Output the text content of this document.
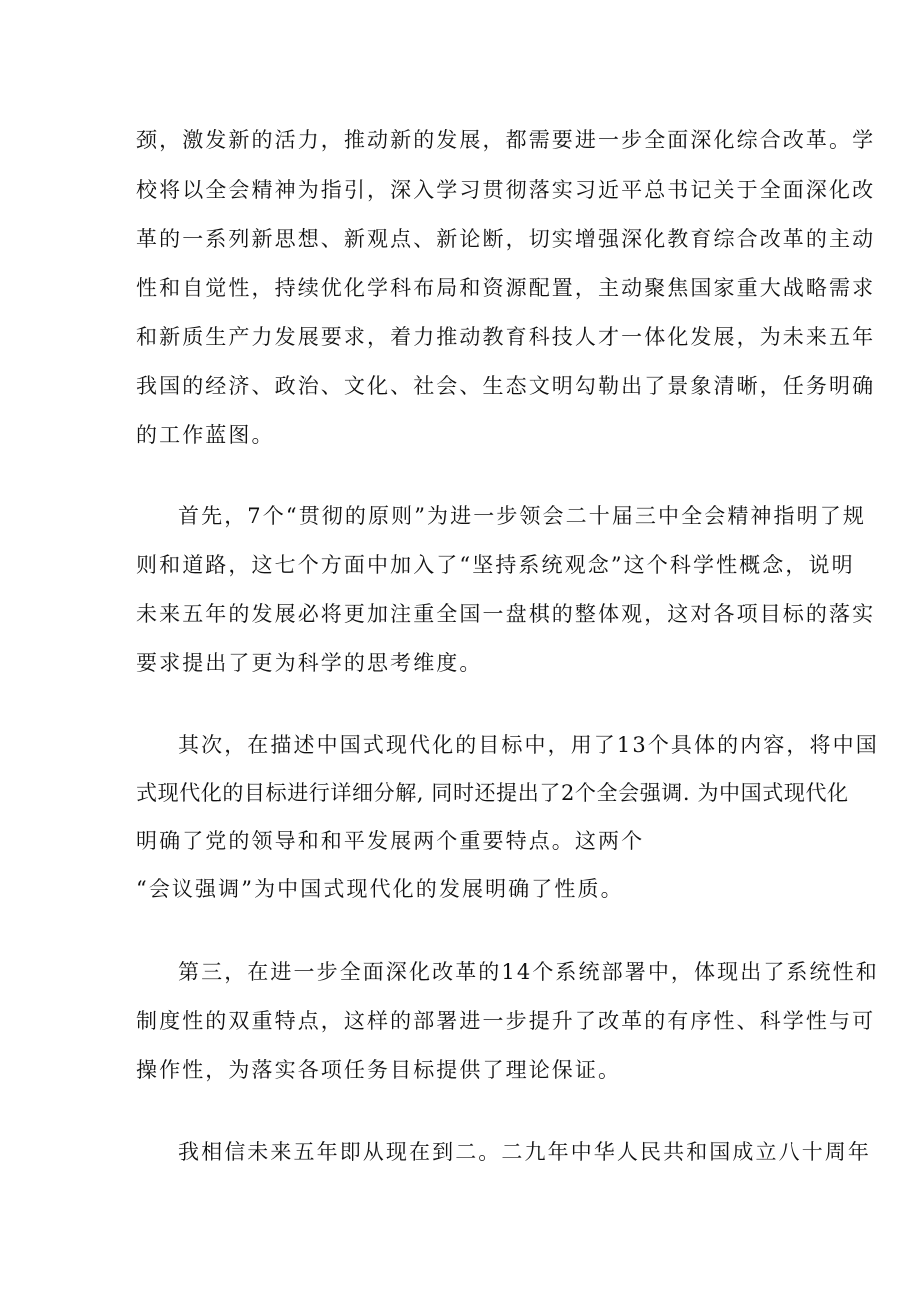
颈，激发新的活力，推动新的发展，都需要进一步全面深化综合改革。学
校将以全会精神为指引，深入学习贯彻落实习近平总书记关于全面深化改
革的一系列新思想、新观点、新论断，切实增强深化教育综合改革的主动
性和自觉性，持续优化学科布局和资源配置，主动聚焦国家重大战略需求
和新质生产力发展要求，着力推动教育科技人才一体化发展，为未来五年
我国的经济、政治、文化、社会、生态文明勾勒出了景象清晰，任务明确
的工作蓝图。
首先，7个“贯彻的原则”为进一步领会二十届三中全会精神指明了规
则和道路，这七个方面中加入了“坚持系统观念”这个科学性概念，说明
未来五年的发展必将更加注重全国一盘棋的整体观，这对各项目标的落实
要求提出了更为科学的思考维度。
其次，在描述中国式现代化的目标中，用了13个具体的内容，将中国
式现代化的目标进行详细分解, 同时还提出了2个全会强调. 为中国式现代化
明确了党的领导和和平发展两个重要特点。这两个
“会议强调”为中国式现代化的发展明确了性质。
第三，在进一步全面深化改革的14个系统部署中，体现出了系统性和
制度性的双重特点，这样的部署进一步提升了改革的有序性、科学性与可
操作性，为落实各项任务目标提供了理论保证。
我相信未来五年即从现在到二。二九年中华人民共和国成立八十周年
